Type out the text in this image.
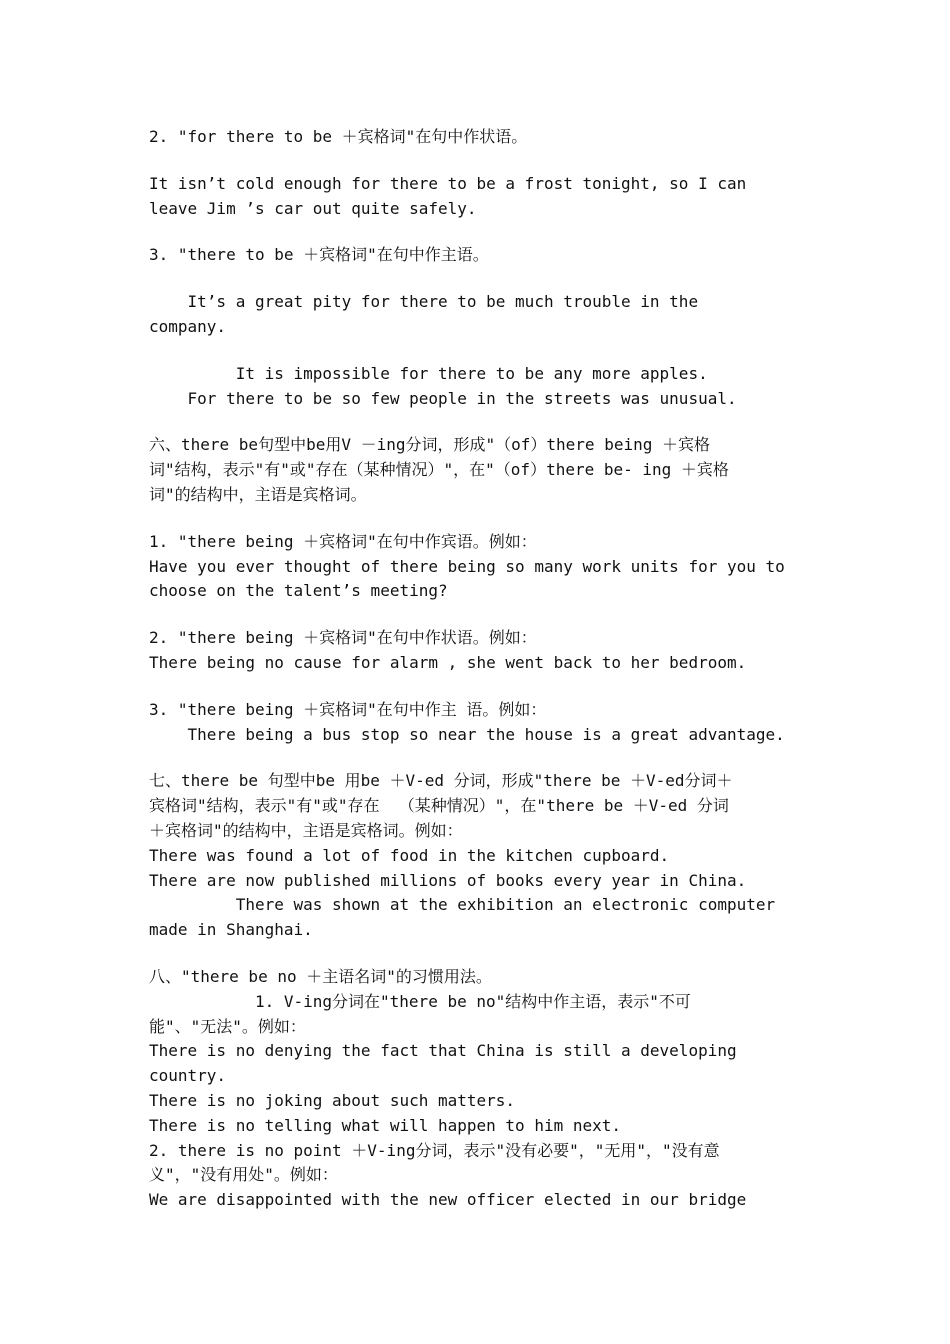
2. "for there to be ＋宾格词"在句中作状语。
It isn’t cold enough for there to be a frost tonight, so I can
leave Jim ’s car out quite safely.
3. "there to be ＋宾格词"在句中作主语。
It’s a great pity for there to be much trouble in the
company.
It is impossible for there to be any more apples.
For there to be so few people in the streets was unusual.
六、there be句型中be用V －ing分词，形成"（of）there being ＋宾格
词"结构，表示"有"或"存在（某种情况）"，在"（of）there be- ing ＋宾格
词"的结构中，主语是宾格词。
1. "there being ＋宾格词"在句中作宾语。例如：
Have you ever thought of there being so many work units for you to
choose on the talent’s meeting?
2. "there being ＋宾格词"在句中作状语。例如：
There being no cause for alarm , she went back to her bedroom.
3. "there being ＋宾格词"在句中作主 语。例如：
There being a bus stop so near the house is a great advantage.
七、there be 句型中be 用be ＋V-ed 分词，形成"there be ＋V-ed分词＋
宾格词"结构，表示"有"或"存在  （某种情况）"，在"there be ＋V-ed 分词
＋宾格词"的结构中，主语是宾格词。例如：
There was found a lot of food in the kitchen cupboard.
There are now published millions of books every year in China.
There was shown at the exhibition an electronic computer
made in Shanghai.
八、"there be no ＋主语名词"的习惯用法。
1. V-ing分词在"there be no"结构中作主语，表示"不可
能"、"无法"。例如：
There is no denying the fact that China is still a developing
country.
There is no joking about such matters.
There is no telling what will happen to him next.
2. there is no point ＋V-ing分词，表示"没有必要"，"无用"，"没有意
义"，"没有用处"。例如：
We are disappointed with the new officer elected in our bridge
